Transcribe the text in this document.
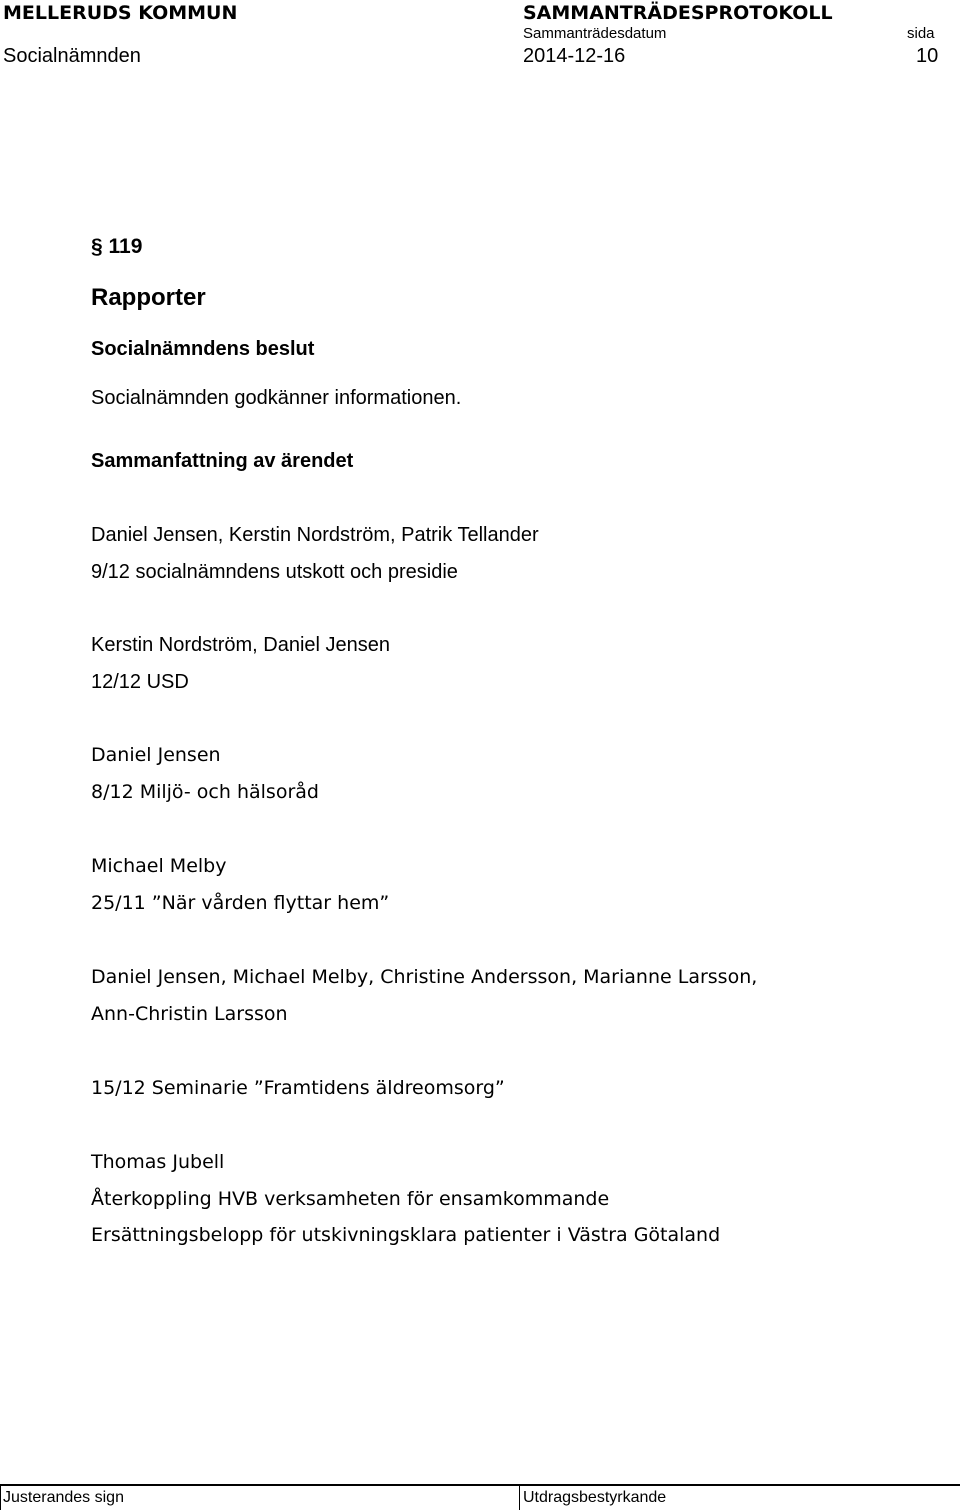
MELLERUDS KOMMUN
Socialnämnden
SAMMANTRÄDESPROTOKOLL
Sammanträdesdatum
2014-12-16
sida
10
§ 119
Rapporter
Socialnämndens beslut
Socialnämnden godkänner informationen.
Sammanfattning av ärendet
Daniel Jensen, Kerstin Nordström, Patrik Tellander
9/12 socialnämndens utskott och presidie
Kerstin Nordström, Daniel Jensen
12/12 USD
Daniel Jensen
8/12 Miljö- och hälsoråd
Michael Melby
25/11 ”När vården flyttar hem”
Daniel Jensen, Michael Melby, Christine Andersson, Marianne Larsson,
Ann-Christin Larsson
15/12 Seminarie ”Framtidens äldreomsorg”
Thomas Jubell
Återkoppling HVB verksamheten för ensamkommande
Ersättningsbelopp för utskivningsklara patienter i Västra Götaland
Justerandes sign	Utdragsbestyrkande
